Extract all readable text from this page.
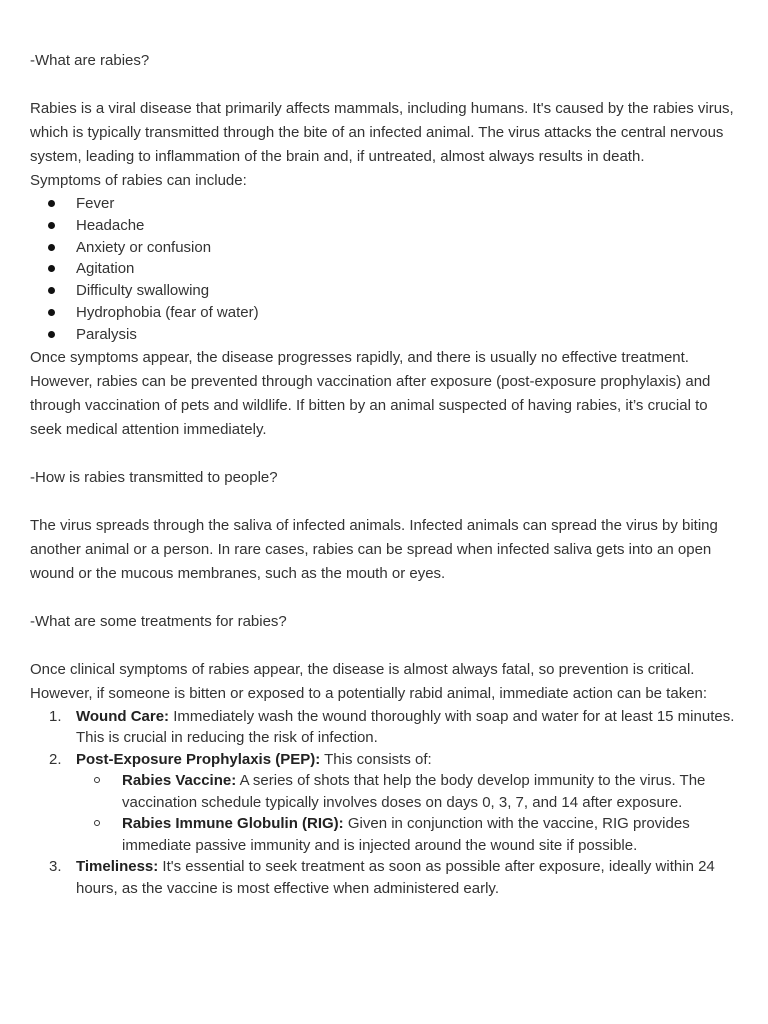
-What are rabies?

Rabies is a viral disease that primarily affects mammals, including humans. It's caused by the rabies virus, which is typically transmitted through the bite of an infected animal. The virus attacks the central nervous system, leading to inflammation of the brain and, if untreated, almost always results in death.

Symptoms of rabies can include:

Fever
Headache
Anxiety or confusion
Agitation
Difficulty swallowing
Hydrophobia (fear of water)
Paralysis

Once symptoms appear, the disease progresses rapidly, and there is usually no effective treatment. However, rabies can be prevented through vaccination after exposure (post-exposure prophylaxis) and through vaccination of pets and wildlife. If bitten by an animal suspected of having rabies, it’s crucial to seek medical attention immediately.

-How is rabies transmitted to people?

The virus spreads through the saliva of infected animals. Infected animals can spread the virus by biting another animal or a person. In rare cases, rabies can be spread when infected saliva gets into an open wound or the mucous membranes, such as the mouth or eyes.

-What are some treatments for rabies?

Once clinical symptoms of rabies appear, the disease is almost always fatal, so prevention is critical. However, if someone is bitten or exposed to a potentially rabid animal, immediate action can be taken:

1. Wound Care: Immediately wash the wound thoroughly with soap and water for at least 15 minutes. This is crucial in reducing the risk of infection.
2. Post-Exposure Prophylaxis (PEP): This consists of:
Rabies Vaccine: A series of shots that help the body develop immunity to the virus. The vaccination schedule typically involves doses on days 0, 3, 7, and 14 after exposure.
Rabies Immune Globulin (RIG): Given in conjunction with the vaccine, RIG provides immediate passive immunity and is injected around the wound site if possible.
3. Timeliness: It's essential to seek treatment as soon as possible after exposure, ideally within 24 hours, as the vaccine is most effective when administered early.
